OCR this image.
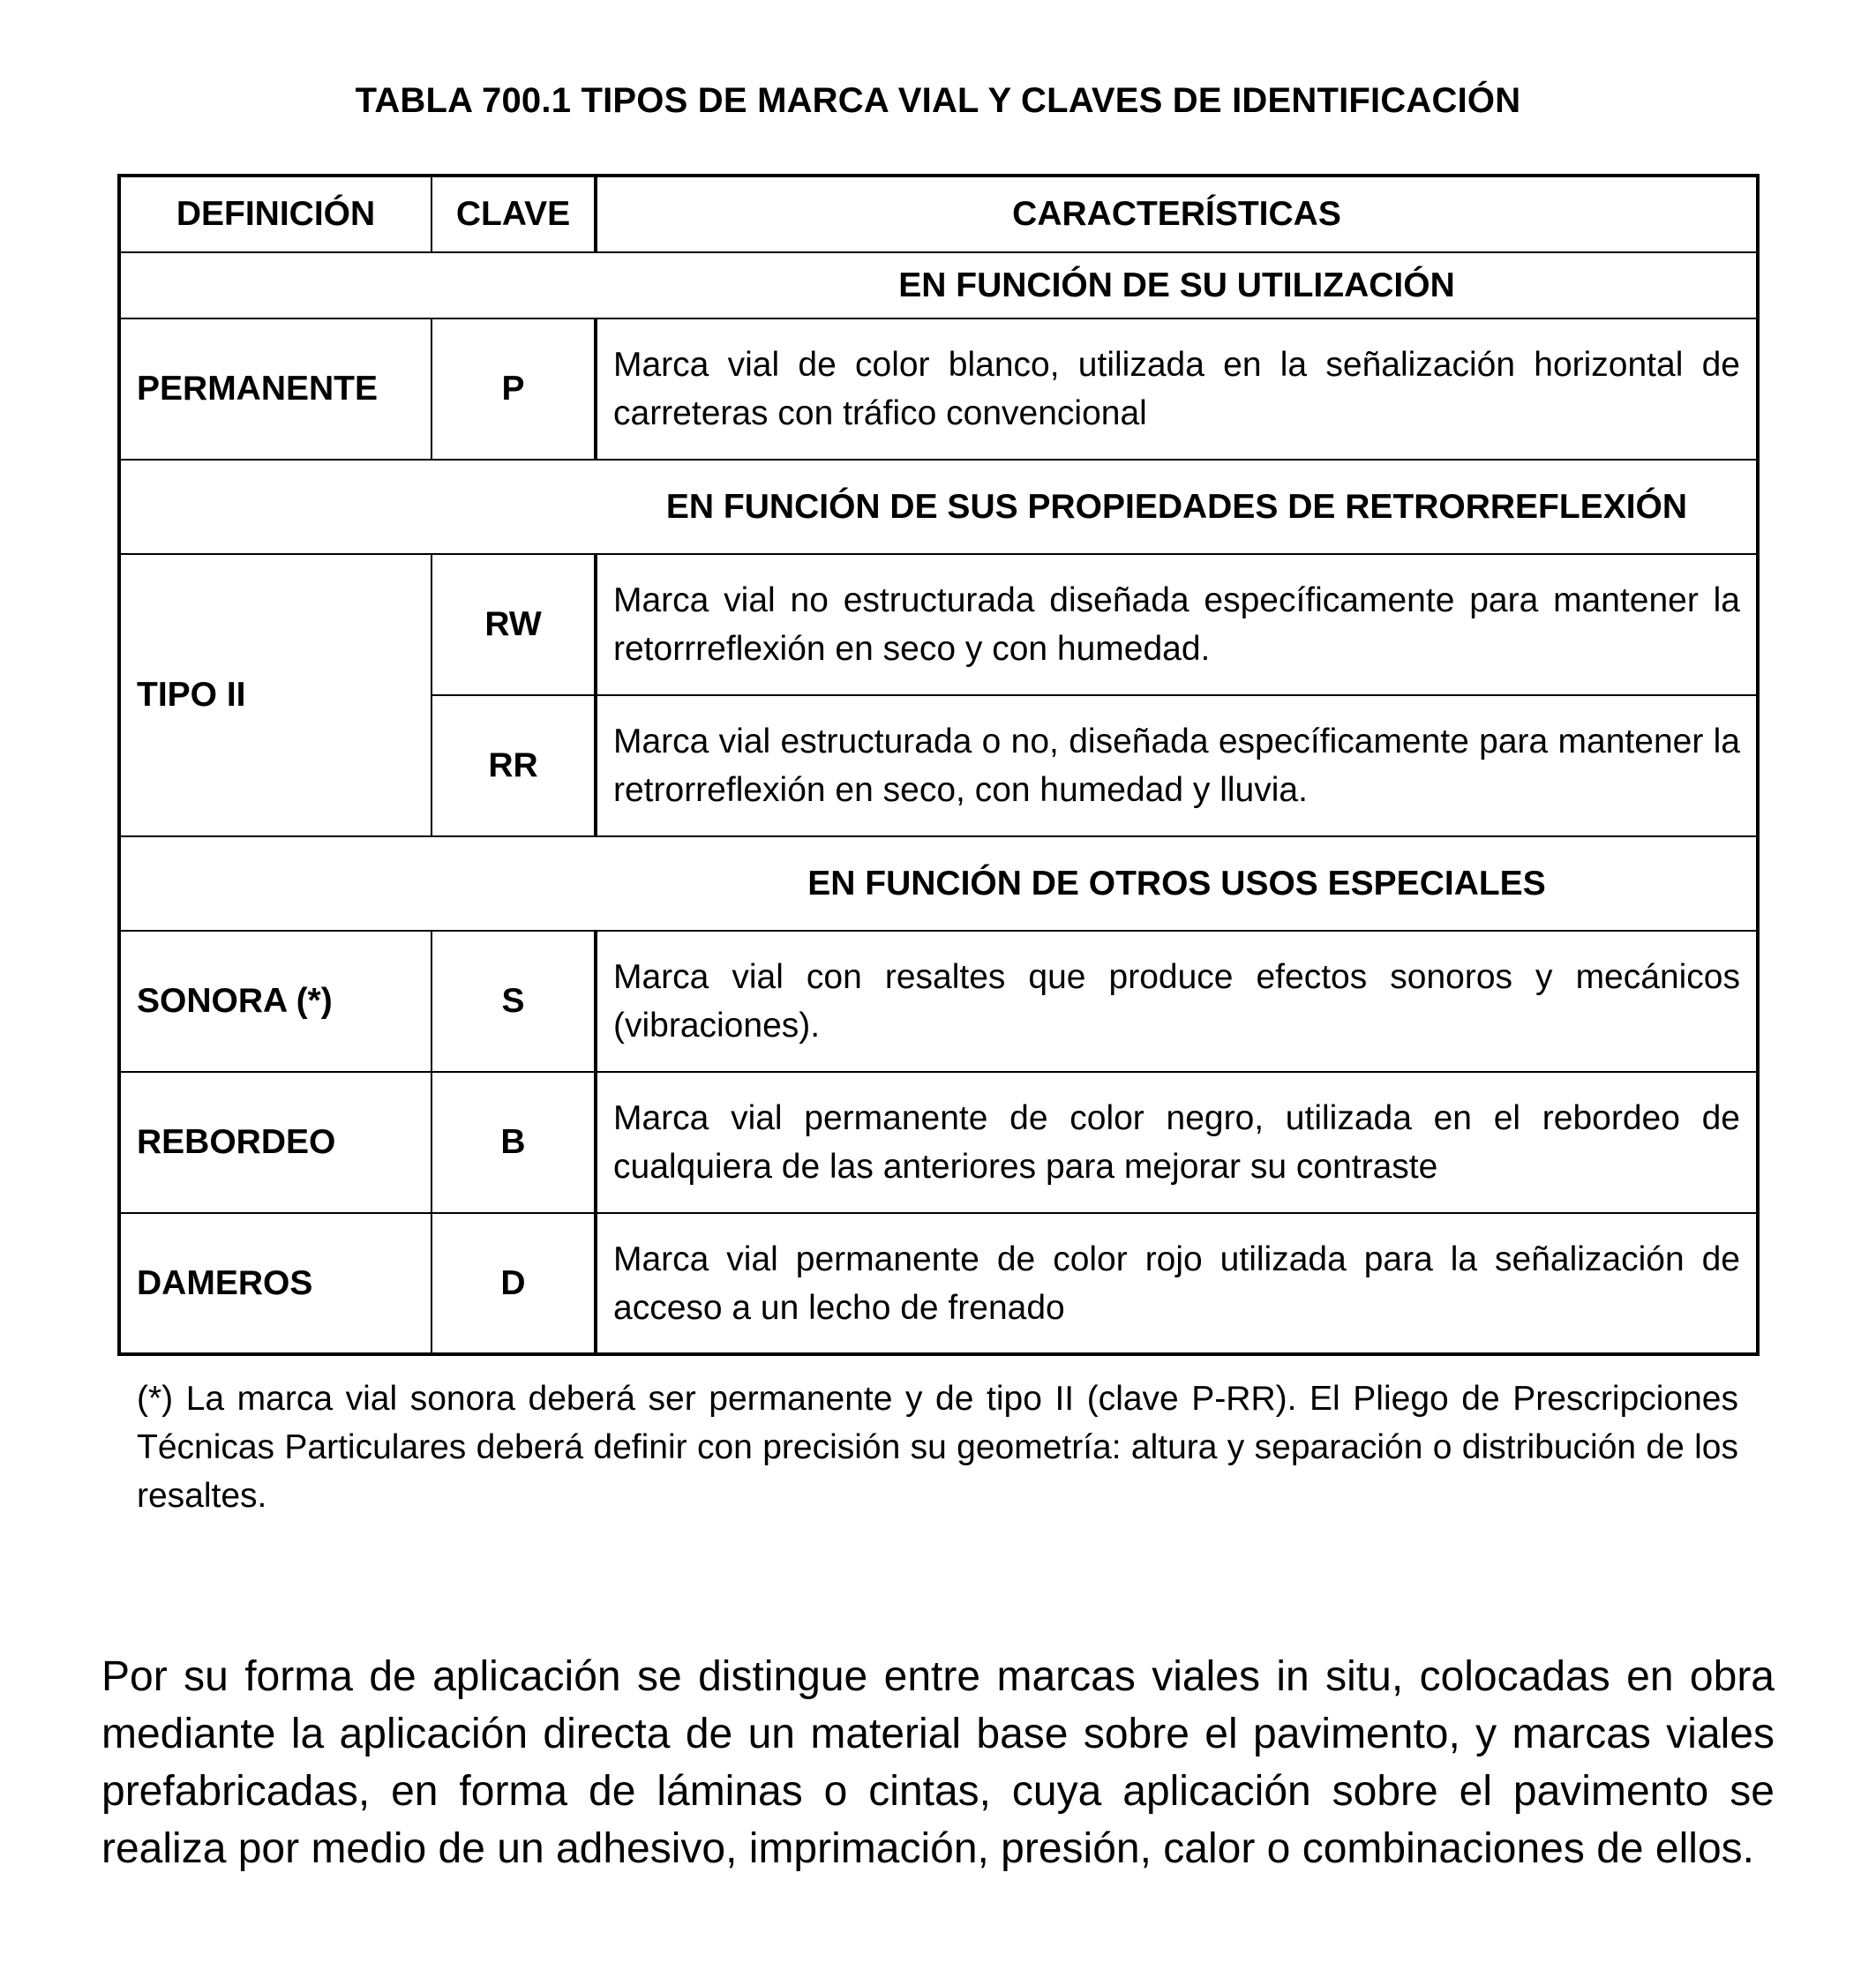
TABLA 700.1 TIPOS DE MARCA VIAL Y CLAVES DE IDENTIFICACIÓN
DEFINICIÓN	CLAVE	CARACTERÍSTICAS
EN FUNCIÓN DE SU UTILIZACIÓN		
PERMANENTE	P	Marca vial de color blanco, utilizada en la señalización horizontal de carreteras con tráfico convencional
EN FUNCIÓN DE SUS PROPIEDADES DE RETRORREFLEXIÓN		
TIPO II	RW	Marca vial no estructurada diseñada específicamente para mantener la retorrreflexión en seco y con humedad.
	RR	Marca vial estructurada o no, diseñada específicamente para mantener la retrorreflexión en seco, con humedad y lluvia.
EN FUNCIÓN DE OTROS USOS ESPECIALES		
SONORA (*)	S	Marca vial con resaltes que produce efectos sonoros y mecánicos (vibraciones).
REBORDEO	B	Marca vial permanente de color negro, utilizada en el rebordeo de cualquiera de las anteriores para mejorar su contraste
DAMEROS	D	Marca vial permanente de color rojo utilizada para la señalización de acceso a un lecho de frenado
(*) La marca vial sonora deberá ser permanente y de tipo II (clave P-RR). El Pliego de Prescripciones Técnicas Particulares deberá definir con precisión su geometría: altura y separación o distribución de los resaltes.
Por su forma de aplicación se distingue entre marcas viales in situ, colocadas en obra mediante la aplicación directa de un material base sobre el pavimento, y marcas viales prefabricadas, en forma de láminas o cintas, cuya aplicación sobre el pavimento se realiza por medio de un adhesivo, imprimación, presión, calor o combinaciones de ellos.
